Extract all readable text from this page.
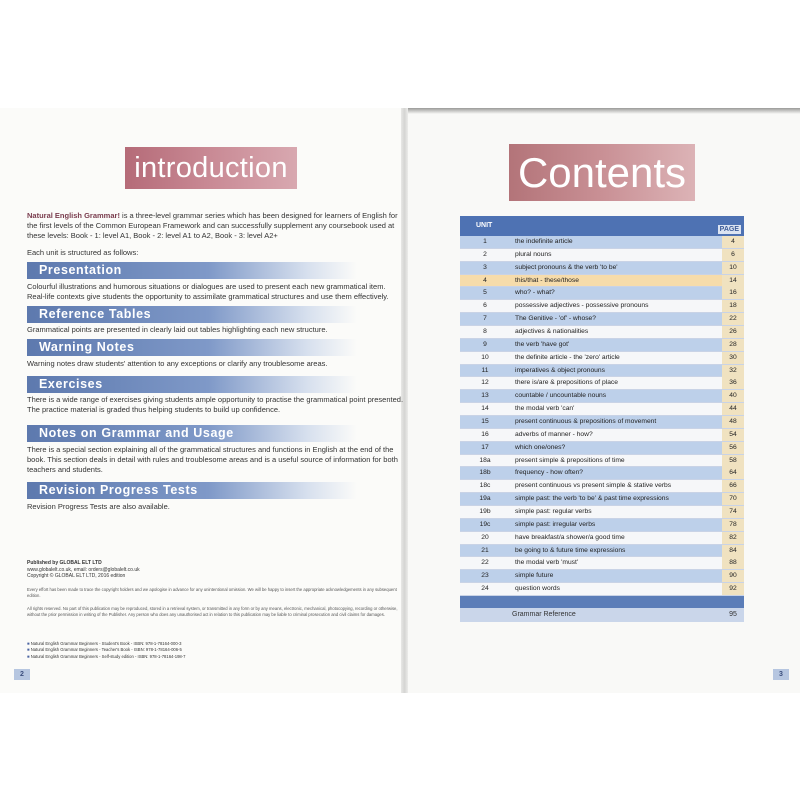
introduction
Natural English Grammar! is a three-level grammar series which has been designed for learners of English for the first levels of the Common European Framework and can successfully supplement any coursebook used at these levels: Book - 1: level A1, Book - 2: level A1 to A2, Book - 3: level A2+
Each unit is structured as follows:
Presentation
Colourful illustrations and humorous situations or dialogues are used to present each new grammatical item. Real-life contexts give students the opportunity to assimilate grammatical structures and use them effectively.
Reference Tables
Grammatical points are presented in clearly laid out tables highlighting each new structure.
Warning Notes
Warning notes draw students' attention to any exceptions or clarify any troublesome areas.
Exercises
There is a wide range of exercises giving students ample opportunity to practise the grammatical point presented. The practice material is graded thus helping students to build up confidence.
Notes on Grammar and Usage
There is a special section explaining all of the grammatical structures and functions in English at the end of the book. This section deals in detail with rules and troublesome areas and is a useful source of information for both teachers and students.
Revision Progress Tests
Revision Progress Tests are also available.
Published by GLOBAL ELT LTD
www.globalelt.co.uk, email: orders@globalelt.co.uk
Copyright © GLOBAL ELT LTD, 2016 edition
Every effort has been made to trace the copyright holders and we apologise in advance for any unintentional omission. We will be happy to insert the appropriate acknowledgements in any subsequent edition.
All rights reserved. No part of this publication may be reproduced, stored in a retrieval system, or transmitted in any form or by any means, electronic, mechanical, photocopying, recording or otherwise, without the prior permission in writing of the Publisher. Any person who does any unauthorised act in relation to this publication may be liable to criminal prosecution and civil claims for damages.
■ Natural English Grammar Beginners - Student's Book - ISBN: 978-1-78164-000-3
■ Natural English Grammar Beginners - Teacher's Book - ISBN: 978-1-78164-006-5
■ Natural English Grammar Beginners - Self-study edition - ISBN: 978-1-78164-198-7
2
Contents
UNIT
PAGE
1	the indefinite article	4
2	plural nouns	6
3	subject pronouns & the verb 'to be'	10
4	this/that - these/those	14
5	who? - what?	16
6	possessive adjectives - possessive pronouns	18
7	The Genitive - 'of' - whose?	22
8	adjectives & nationalities	26
9	the verb 'have got'	28
10	the definite article - the 'zero' article	30
11	imperatives & object pronouns	32
12	there is/are & prepositions of place	36
13	countable / uncountable nouns	40
14	the modal verb 'can'	44
15	present continuous & prepositions of movement	48
16	adverbs of manner - how?	54
17	which one/ones?	56
18a	present simple & prepositions of time	58
18b	frequency - how often?	64
18c	present continuous vs present simple & stative verbs	66
19a	simple past: the verb 'to be' & past time expressions	70
19b	simple past: regular verbs	74
19c	simple past: irregular verbs	78
20	have breakfast/a shower/a good time	82
21	be going to & future time expressions	84
22	the modal verb 'must'	88
23	simple future	90
24	question words	92
Grammar Reference	95
3
